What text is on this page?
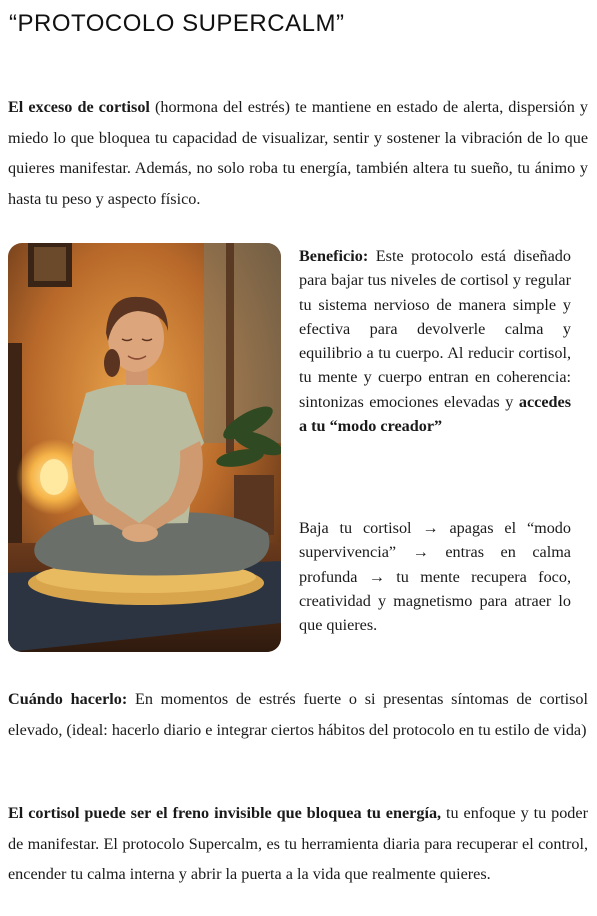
“PROTOCOLO SUPERCALM”

El exceso de cortisol (hormona del estrés) te mantiene en estado de alerta, dispersión y miedo lo que bloquea tu capacidad de visualizar, sentir y sostener la vibración de lo que quieres manifestar. Además, no solo roba tu energía, también altera tu sueño, tu ánimo y hasta tu peso y aspecto físico.

Beneficio: Este protocolo está diseñado para bajar tus niveles de cortisol y regular tu sistema nervioso de manera simple y efectiva para devolverle calma y equilibrio a tu cuerpo. Al reducir cortisol, tu mente y cuerpo entran en coherencia: sintonizas emociones elevadas y accedes a tu “modo creador”

Baja tu cortisol → apagas el “modo supervivencia” → entras en calma profunda → tu mente recupera foco, creatividad y magnetismo para atraer lo que quieres.

Cuándo hacerlo: En momentos de estrés fuerte o si presentas síntomas de cortisol elevado, (ideal: hacerlo diario e integrar ciertos hábitos del protocolo en tu estilo de vida)

El cortisol puede ser el freno invisible que bloquea tu energía, tu enfoque y tu poder de manifestar. El protocolo Supercalm, es tu herramienta diaria para recuperar el control, encender tu calma interna y abrir la puerta a la vida que realmente quieres.
